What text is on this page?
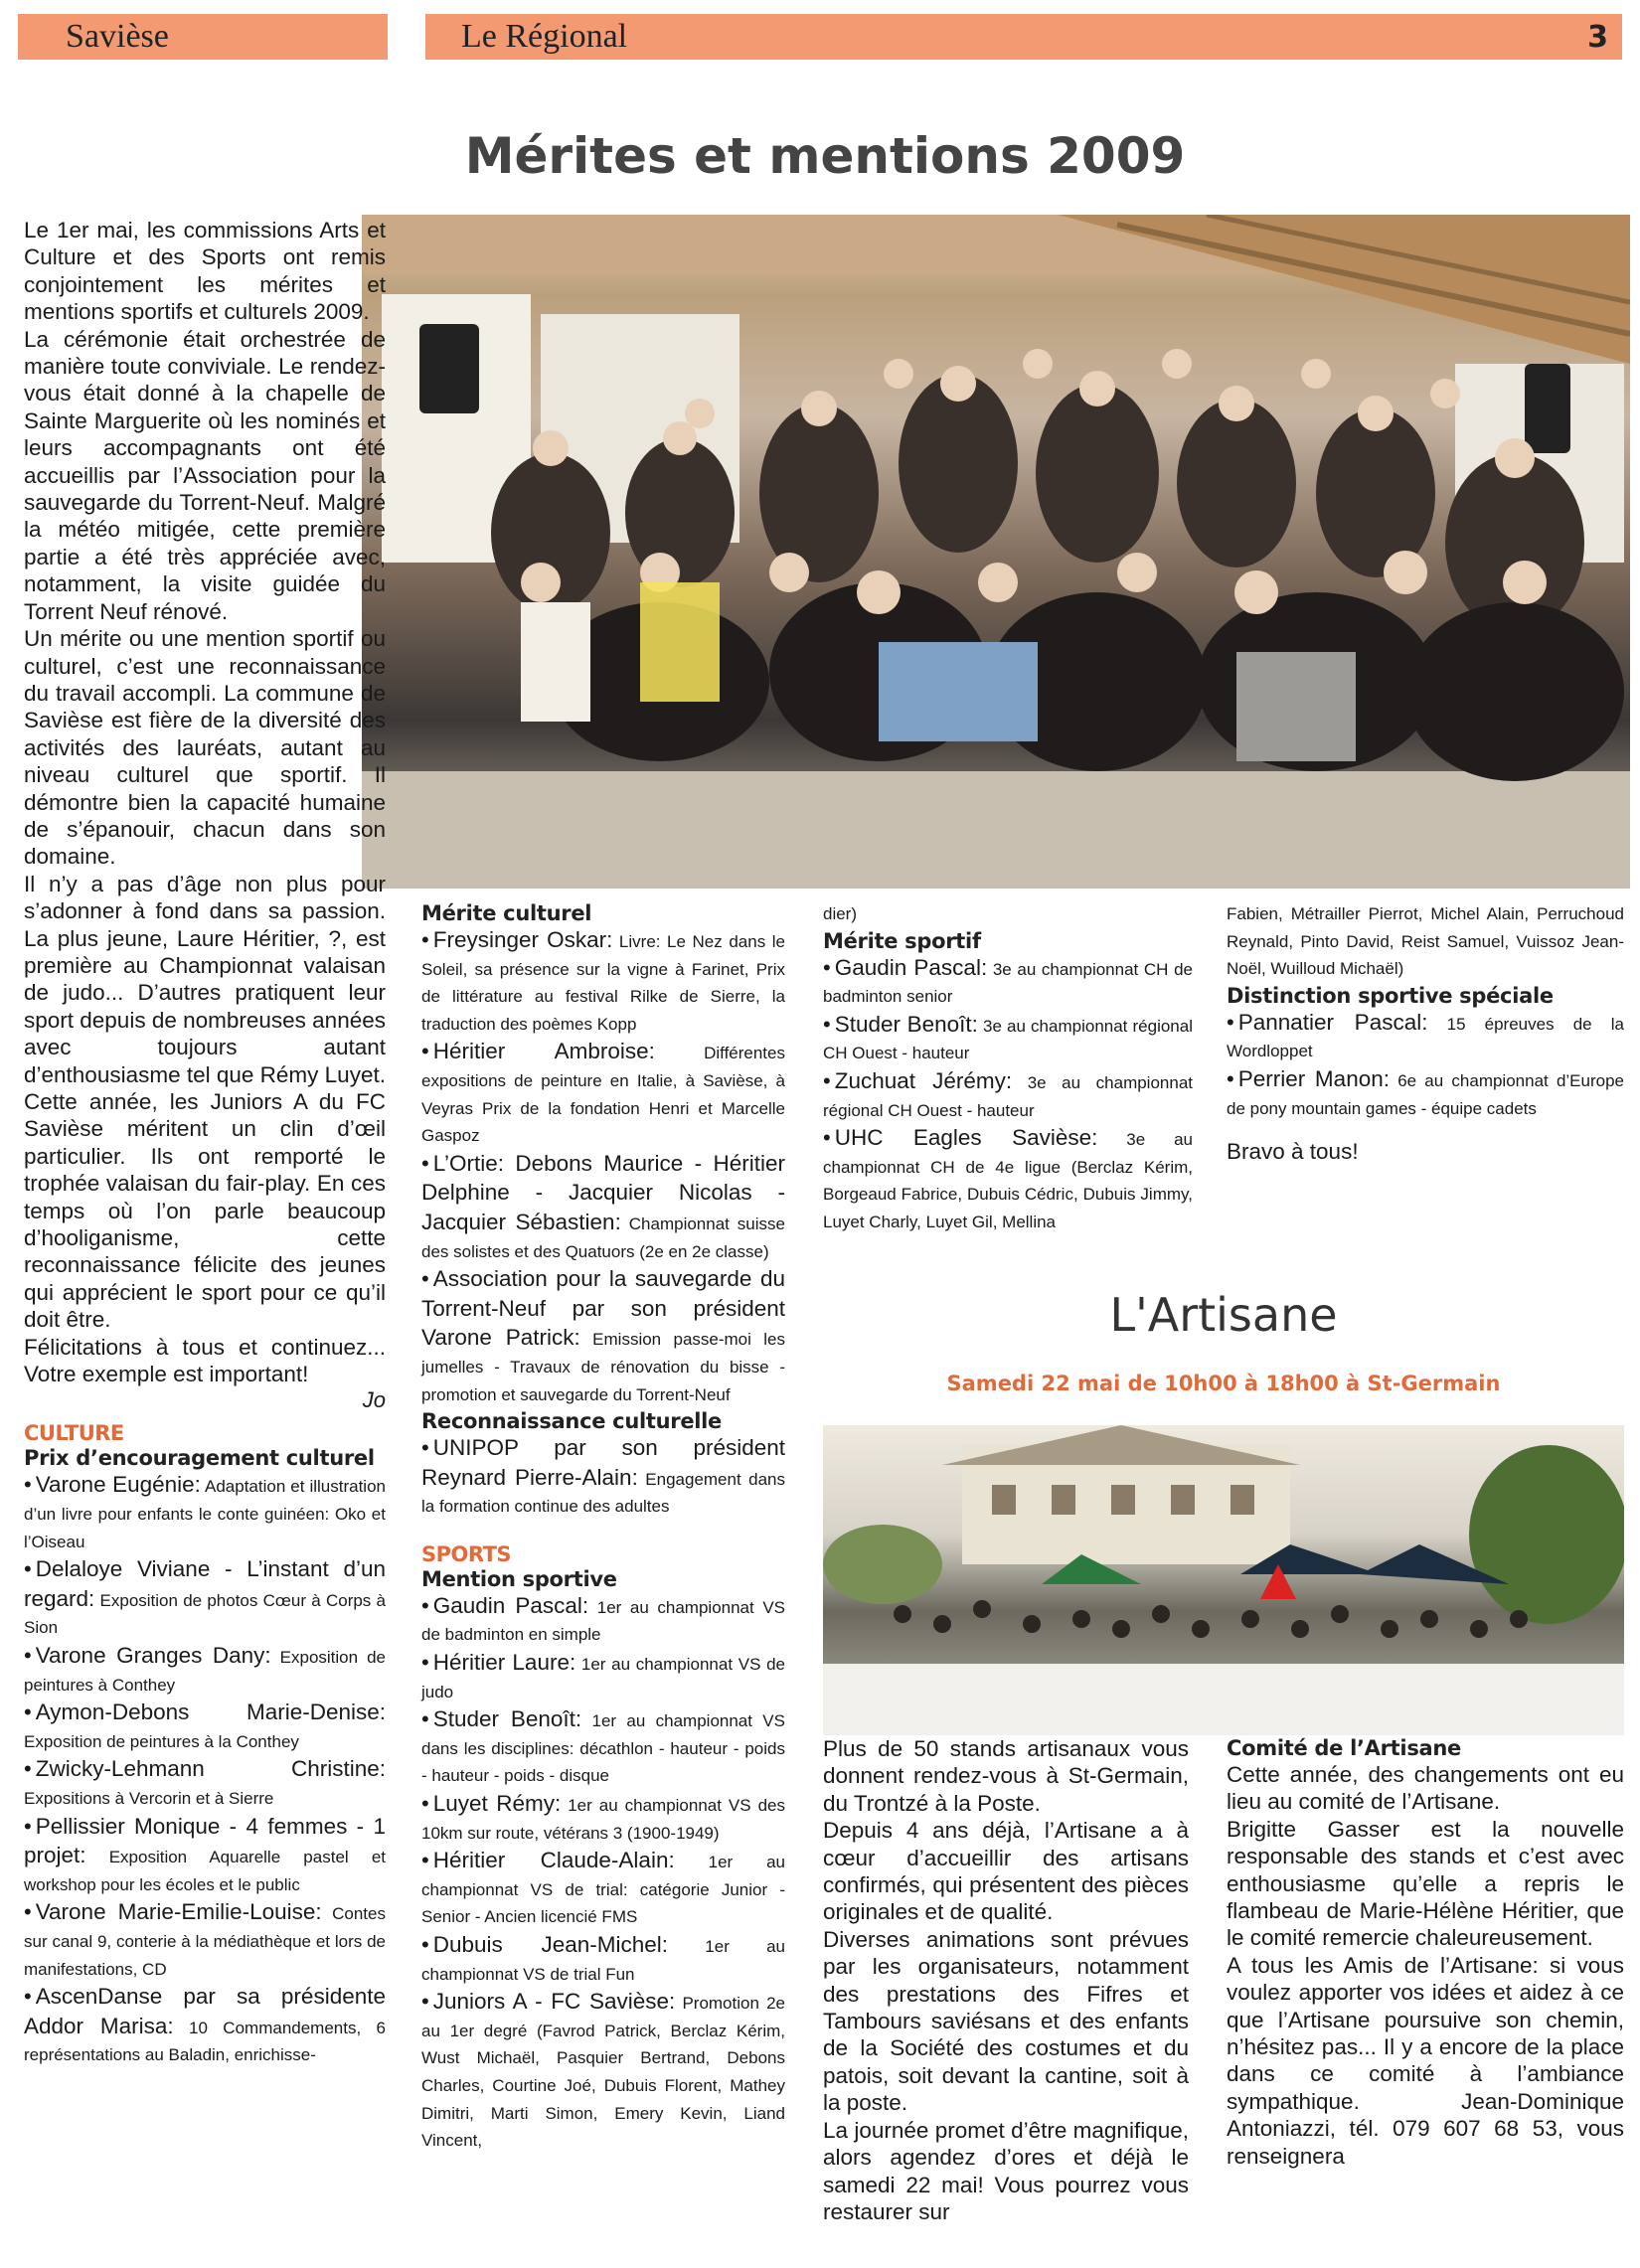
Savièse	Le Régional	3
Mérites et mentions 2009

Le 1er mai, les commissions Arts et Culture et des Sports ont remis conjointement les mérites et mentions sportifs et culturels 2009.

La cérémonie était orchestrée de manière toute conviviale. Le rendez-vous était donné à la chapelle de Sainte Marguerite où les nominés et leurs accompagnants ont été accueillis par l’Association pour la sauvegarde du Torrent-Neuf. Malgré la météo mitigée, cette première partie a été très appréciée avec, notamment, la visite guidée du Torrent Neuf rénové.

Un mérite ou une mention sportif ou culturel, c’est une reconnaissance du travail accompli. La commune de Savièse est fière de la diversité des activités des lauréats, autant au niveau culturel que sportif. Il démontre bien la capacité humaine de s’épanouir, chacun dans son domaine.

Il n’y a pas d’âge non plus pour s’adonner à fond dans sa passion. La plus jeune, Laure Héritier, ?, est première au Championnat valaisan de judo... D’autres pratiquent leur sport depuis de nombreuses années avec toujours autant d’enthousiasme tel que Rémy Luyet.

Cette année, les Juniors A du FC Savièse méritent un clin d’œil particulier. Ils ont remporté le trophée valaisan du fair-play. En ces temps où l’on parle beaucoup d’hooliganisme, cette reconnaissance félicite des jeunes qui apprécient le sport pour ce qu’il doit être.

Félicitations à tous et continuez... Votre exemple est important!

Jo
CULTURE
Prix d’encouragement culturel
• Varone Eugénie: Adaptation et illustration d’un livre pour enfants le conte guinéen: Oko et l’Oiseau
• Delaloye Viviane - L’instant d’un regard: Exposition de photos Cœur à Corps à Sion
• Varone Granges Dany: Exposition de peintures à Conthey
• Aymon-Debons Marie-Denise: Exposition de peintures à la Conthey
• Zwicky-Lehmann Christine: Expositions à Vercorin et à Sierre
• Pellissier Monique - 4 femmes - 1 projet: Exposition Aquarelle pastel et workshop pour les écoles et le public
• Varone Marie-Emilie-Louise: Contes sur canal 9, conterie à la médiathèque et lors de manifestations, CD
• AscenDanse par sa présidente Addor Marisa: 10 Commandements, 6 représentations au Baladin, enrichisse-
Mérite culturel
• Freysinger Oskar: Livre: Le Nez dans le Soleil, sa présence sur la vigne à Farinet, Prix de littérature au festival Rilke de Sierre, la traduction des poèmes Kopp
• Héritier Ambroise:	Différentes expositions de peinture en Italie, à Savièse, à Veyras Prix de la fondation Henri et Marcelle Gaspoz
• L’Ortie: Debons Maurice - Héritier Delphine - Jacquier Nicolas - Jacquier Sébastien: Championnat suisse des solistes et des Quatuors (2e en 2e classe)
• Association pour la sauvegarde du Torrent-Neuf par son président Varone Patrick: Emission passe-moi les jumelles - Travaux de rénovation du bisse - promotion et sauvegarde du Torrent-Neuf
Reconnaissance culturelle
• UNIPOP par son président Reynard Pierre-Alain: Engagement dans la formation continue des adultes
SPORTS
Mention sportive
• Gaudin Pascal: 1er au championnat VS de badminton en simple
• Héritier Laure: 1er au championnat VS de judo
• Studer Benoît: 1er au championnat VS dans les disciplines: décathlon - hauteur - poids - hauteur - poids - disque
• Luyet Rémy: 1er au championnat VS des 10km sur route, vétérans 3 (1900-1949)
• Héritier Claude-Alain: 1er au championnat VS de trial: catégorie Junior - Senior - Ancien licencié FMS
• Dubuis Jean-Michel: 1er au championnat VS de trial Fun
• Juniors A - FC Savièse: Promotion 2e au 1er degré (Favrod Patrick, Berclaz Kérim, Wust Michaël, Pasquier Bertrand, Debons Charles, Courtine Joé, Dubuis Florent, Mathey Dimitri, Marti Simon, Emery Kevin, Liand Vincent,
dier)
Mérite sportif
• Gaudin Pascal: 3e au championnat CH de badminton senior
• Studer Benoît: 3e au championnat régional CH Ouest - hauteur
• Zuchuat Jérémy: 3e au championnat régional CH Ouest - hauteur
• UHC Eagles Savièse: 3e au championnat CH de 4e ligue (Berclaz Kérim, Borgeaud Fabrice, Dubuis Cédric, Dubuis Jimmy, Luyet Charly, Luyet Gil, Mellina
Fabien, Métrailler Pierrot, Michel Alain, Perruchoud Reynald, Pinto David, Reist Samuel, Vuissoz Jean-Noël, Wuilloud Michaël)
Distinction sportive spéciale
• Pannatier Pascal: 15 épreuves de la Wordloppet
• Perrier Manon: 6e au championnat d’Europe de pony mountain games - équipe cadets
Bravo à tous!
L'Artisane
Samedi 22 mai de 10h00 à 18h00 à St-Germain

Plus de 50 stands artisanaux vous donnent rendez-vous à St-Germain, du Trontzé à la Poste.

Depuis 4 ans déjà, l’Artisane a à cœur d’accueillir des artisans confirmés, qui présentent des pièces originales et de qualité.

Diverses animations sont prévues par les organisateurs, notamment des prestations des Fifres et Tambours saviésans et des enfants de la Société des costumes et du patois, soit devant la cantine, soit à la poste.

La journée promet d’être magnifique, alors agendez d’ores et déjà le samedi 22 mai! Vous pourrez vous restaurer sur

Comité de l’Artisane

Cette année, des changements ont eu lieu au comité de l’Artisane.

Brigitte Gasser est la nouvelle responsable des stands et c’est avec enthousiasme qu’elle a repris le flambeau de Marie-Hélène Héritier, que le comité remercie chaleureusement.

A tous les Amis de l’Artisane: si vous voulez apporter vos idées et aidez à ce que l’Artisane poursuive son chemin, n’hésitez pas... Il y a encore de la place dans ce comité à l’ambiance sympathique. Jean-Dominique Antoniazzi, tél. 079 607 68 53, vous renseignera
